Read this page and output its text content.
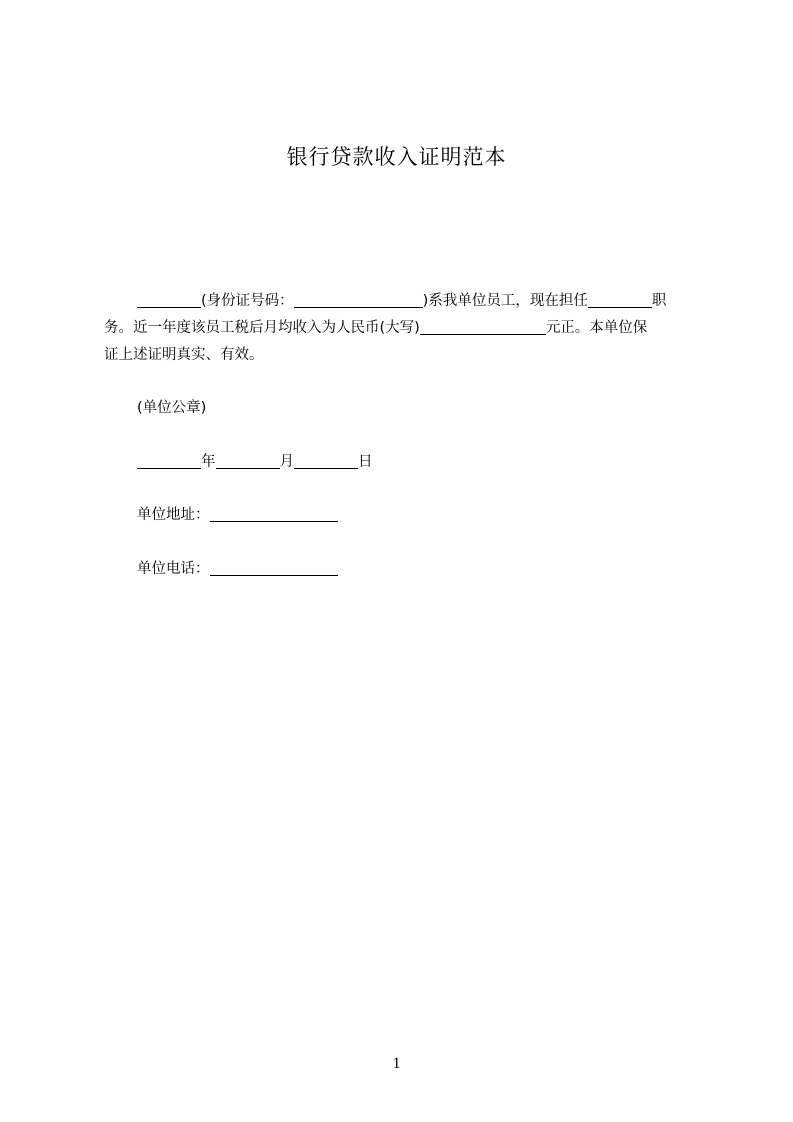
银行贷款收入证明范本
(身份证号码：	)系我单位员工，现在担任	职
务。近一年度该员工税后月均收入为人民币(大写)	元正。本单位保
证上述证明真实、有效。
(单位公章)
年	月	日
单位地址：
单位电话：
1
